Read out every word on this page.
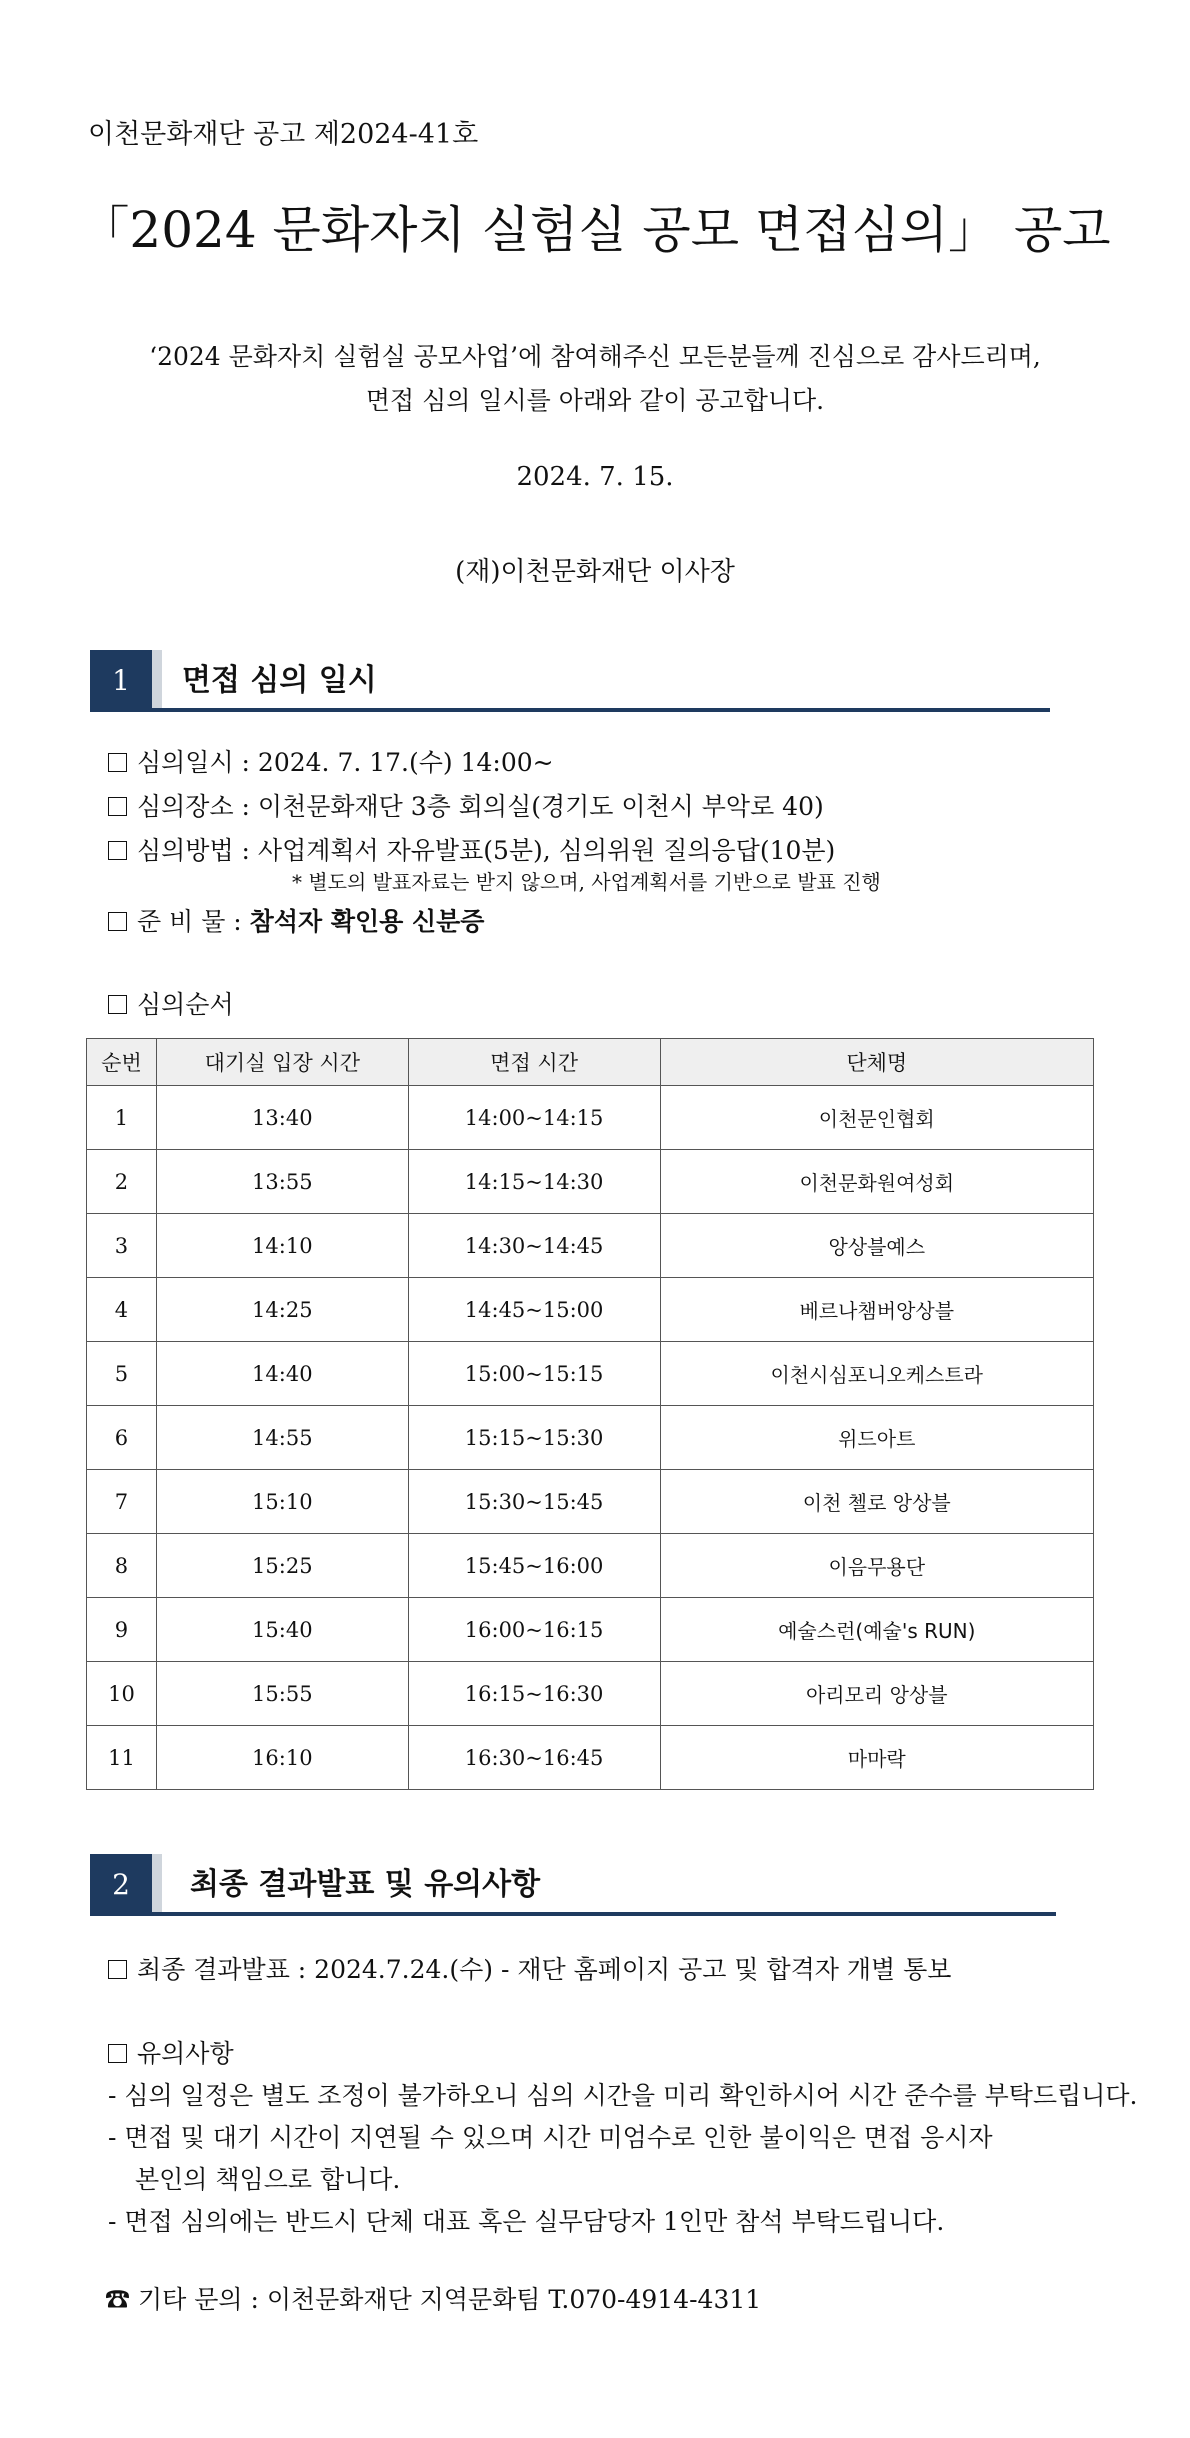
이천문화재단 공고 제2024-41호
「2024 문화자치 실험실 공모 면접심의」 공고
‘2024 문화자치 실험실 공모사업’에 참여해주신 모든분들께 진심으로 감사드리며,
면접 심의 일시를 아래와 같이 공고합니다.
2024. 7. 15.
(재)이천문화재단 이사장
1	면접 심의 일시
심의일시 : 2024. 7. 17.(수) 14:00~
심의장소 : 이천문화재단 3층 회의실(경기도 이천시 부악로 40)
심의방법 : 사업계획서 자유발표(5분), 심의위원 질의응답(10분)
* 별도의 발표자료는 받지 않으며, 사업계획서를 기반으로 발표 진행
준 비 물 : 참석자 확인용 신분증
심의순서
순번	대기실 입장 시간	면접 시간	단체명
1	13:40	14:00~14:15	이천문인협회
2	13:55	14:15~14:30	이천문화원여성회
3	14:10	14:30~14:45	앙상블예스
4	14:25	14:45~15:00	베르나챔버앙상블
5	14:40	15:00~15:15	이천시심포니오케스트라
6	14:55	15:15~15:30	위드아트
7	15:10	15:30~15:45	이천 첼로 앙상블
8	15:25	15:45~16:00	이음무용단
9	15:40	16:00~16:15	예술스런(예술's RUN)
10	15:55	16:15~16:30	아리모리 앙상블
11	16:10	16:30~16:45	마마락
2	최종 결과발표 및 유의사항
최종 결과발표 : 2024.7.24.(수) - 재단 홈페이지 공고 및 합격자 개별 통보
유의사항
- 심의 일정은 별도 조정이 불가하오니 심의 시간을 미리 확인하시어 시간 준수를 부탁드립니다.
- 면접 및 대기 시간이 지연될 수 있으며 시간 미엄수로 인한 불이익은 면접 응시자
본인의 책임으로 합니다.
- 면접 심의에는 반드시 단체 대표 혹은 실무담당자 1인만 참석 부탁드립니다.
☎ 기타 문의 : 이천문화재단 지역문화팀 T.070-4914-4311
